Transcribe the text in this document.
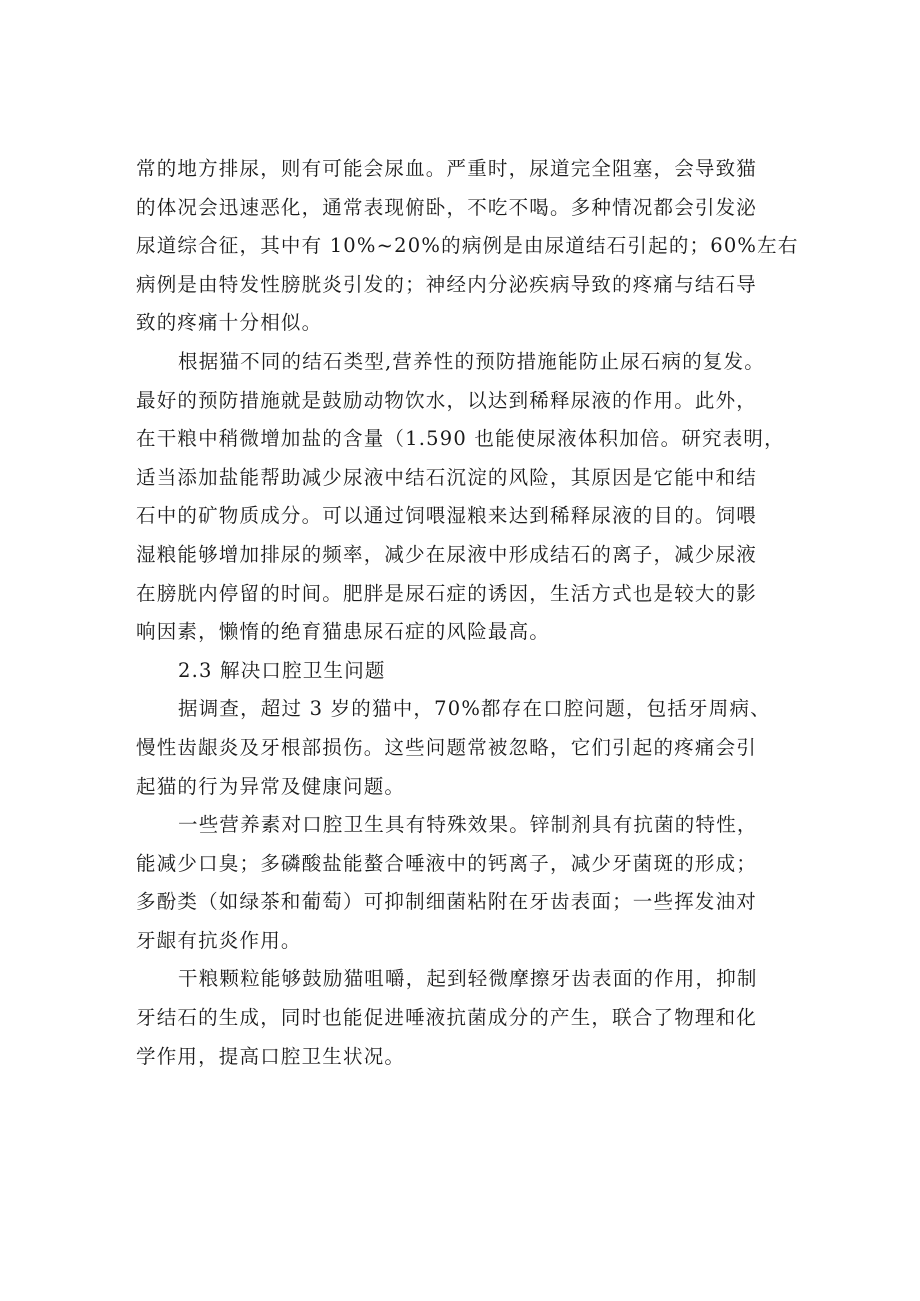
常的地方排尿，则有可能会尿血。严重时，尿道完全阻塞，会导致猫
的体况会迅速恶化，通常表现俯卧，不吃不喝。多种情况都会引发泌
尿道综合征，其中有 10%~20%的病例是由尿道结石引起的；60%左右
病例是由特发性膀胱炎引发的；神经内分泌疾病导致的疼痛与结石导
致的疼痛十分相似。
根据猫不同的结石类型,营养性的预防措施能防止尿石病的复发。
最好的预防措施就是鼓励动物饮水，以达到稀释尿液的作用。此外，
在干粮中稍微增加盐的含量（1.590 也能使尿液体积加倍。研究表明，
适当添加盐能帮助减少尿液中结石沉淀的风险，其原因是它能中和结
石中的矿物质成分。可以通过饲喂湿粮来达到稀释尿液的目的。饲喂
湿粮能够增加排尿的频率，减少在尿液中形成结石的离子，减少尿液
在膀胱内停留的时间。肥胖是尿石症的诱因，生活方式也是较大的影
响因素，懒惰的绝育猫患尿石症的风险最高。
2.3 解决口腔卫生问题
据调查，超过 3 岁的猫中，70%都存在口腔问题，包括牙周病、
慢性齿龈炎及牙根部损伤。这些问题常被忽略，它们引起的疼痛会引
起猫的行为异常及健康问题。
一些营养素对口腔卫生具有特殊效果。锌制剂具有抗菌的特性，
能减少口臭；多磷酸盐能螯合唾液中的钙离子，减少牙菌斑的形成；
多酚类（如绿茶和葡萄）可抑制细菌粘附在牙齿表面；一些挥发油对
牙龈有抗炎作用。
干粮颗粒能够鼓励猫咀嚼，起到轻微摩擦牙齿表面的作用，抑制
牙结石的生成，同时也能促进唾液抗菌成分的产生，联合了物理和化
学作用，提高口腔卫生状况。
